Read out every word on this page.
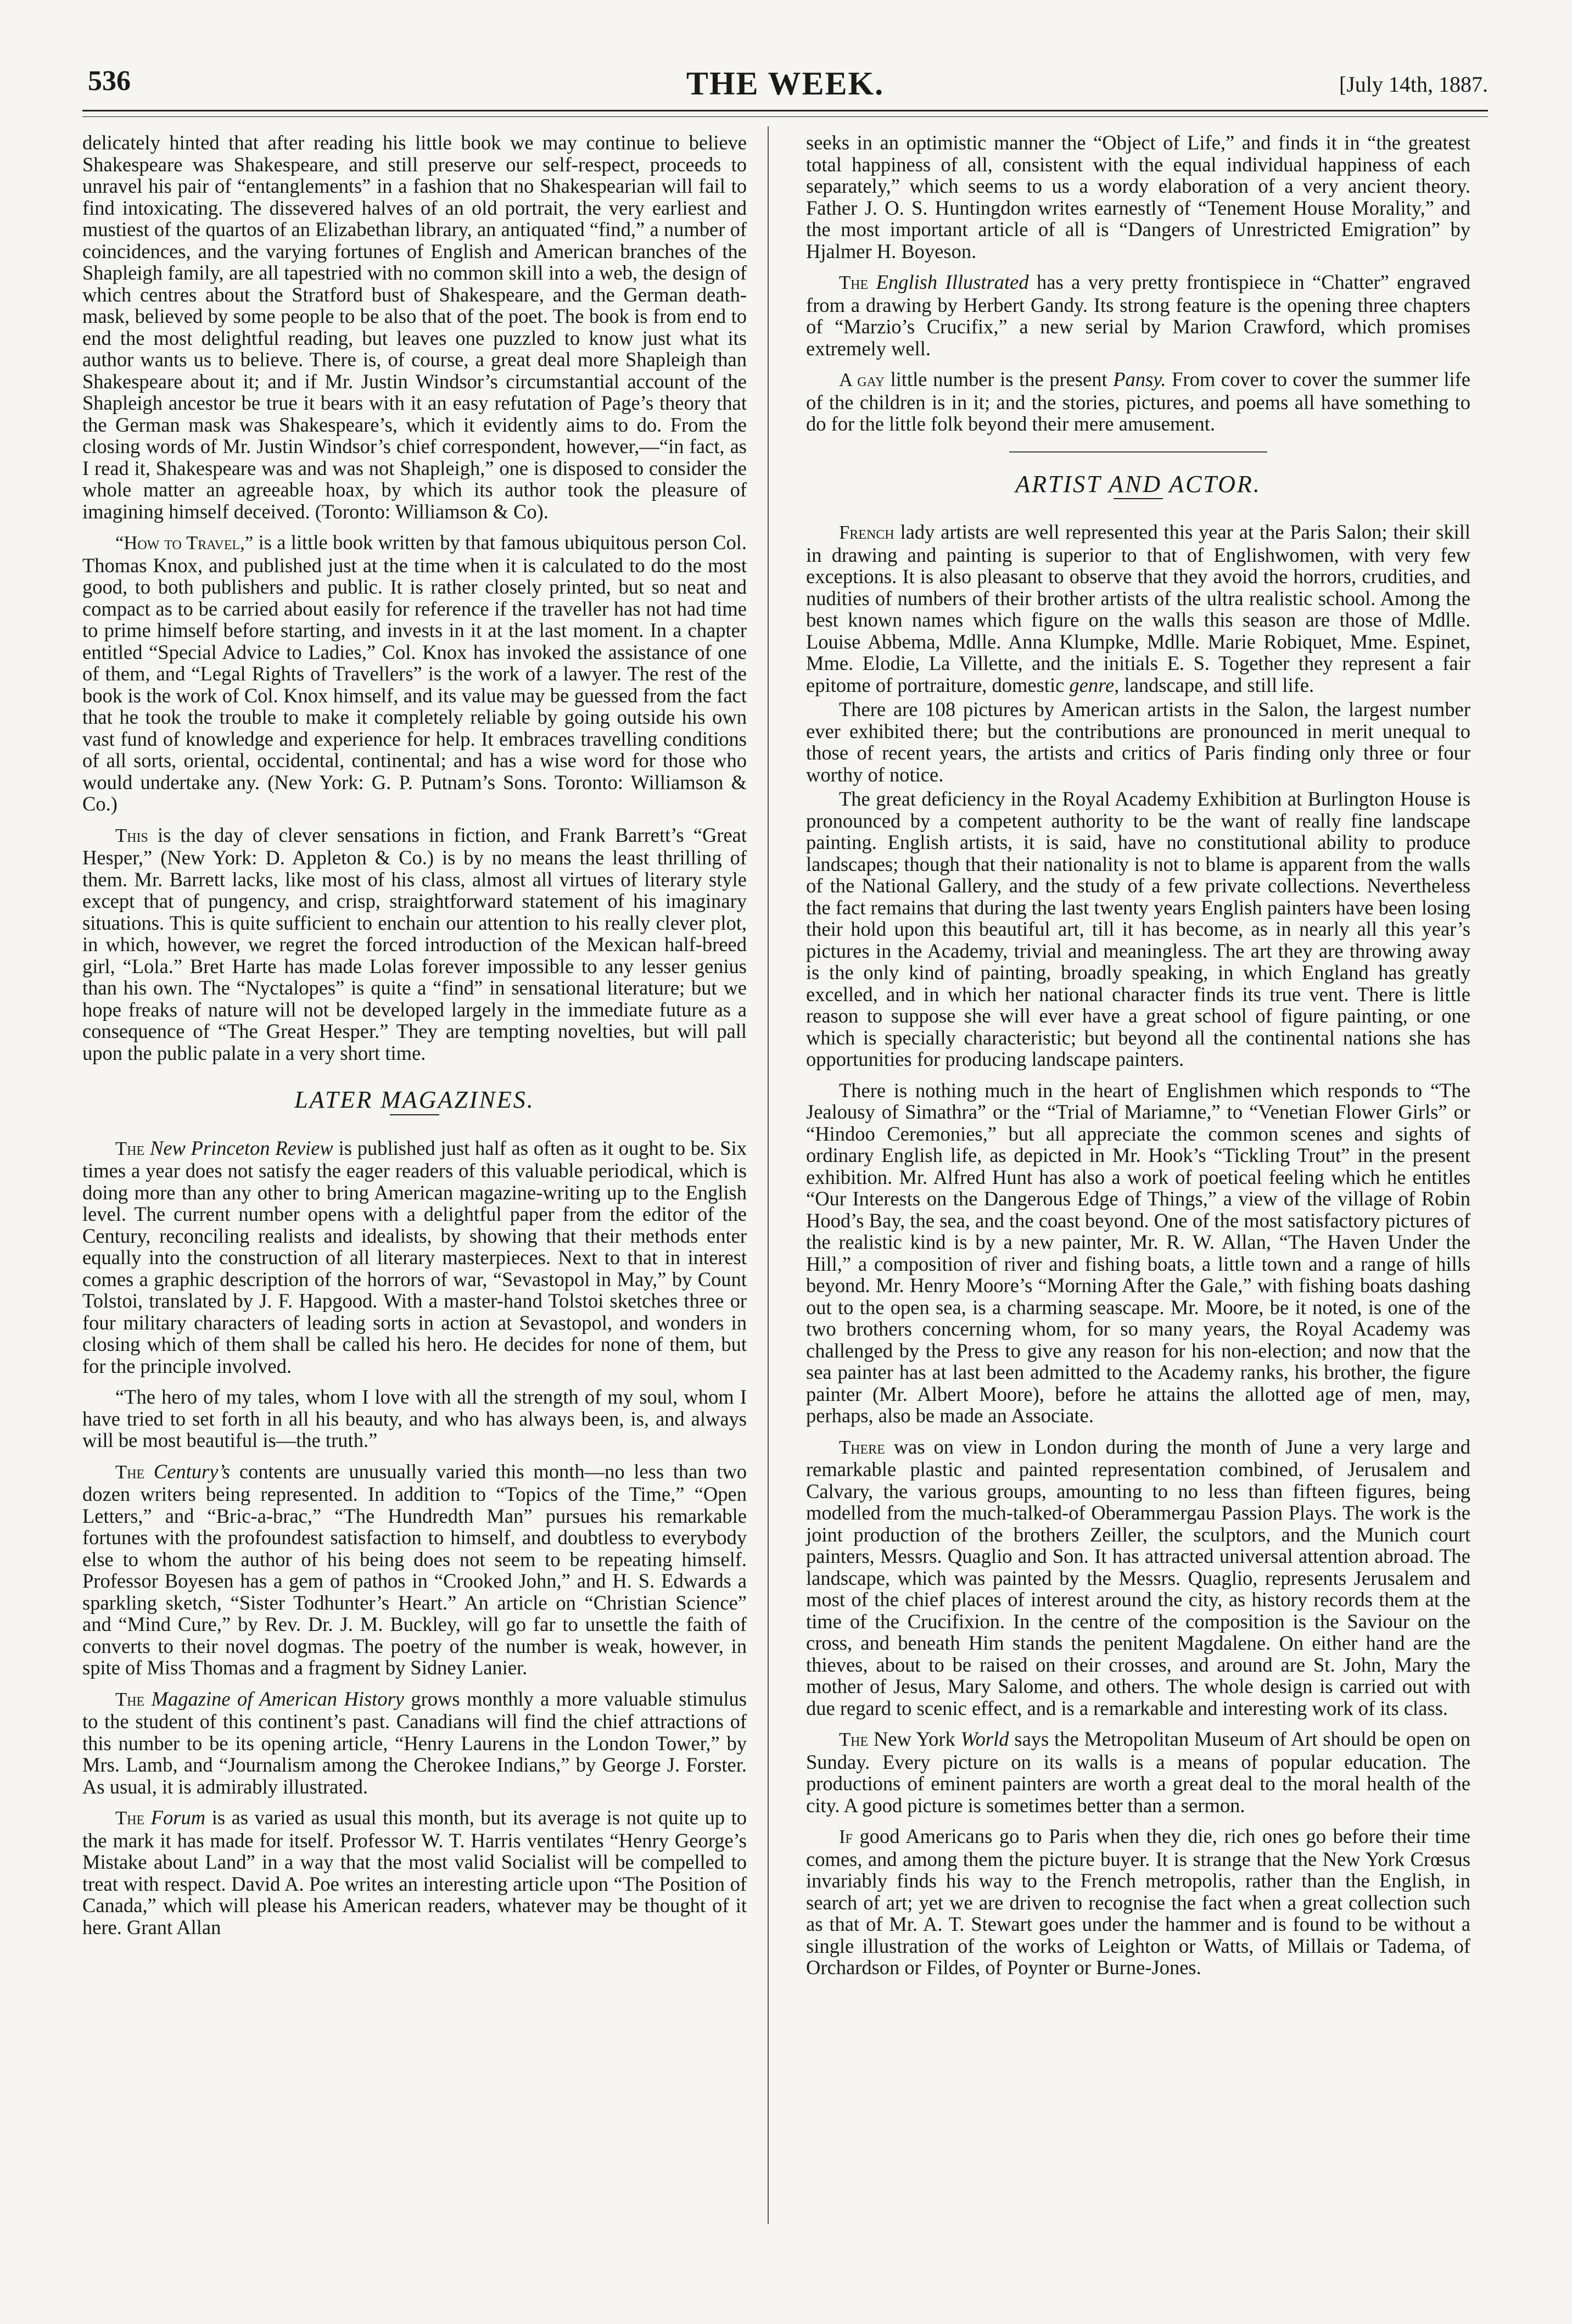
536	THE WEEK.	[July 14th, 1887.

delicately hinted that after reading his little book we may continue to believe Shakespeare was Shakespeare, and still preserve our self-respect, proceeds to unravel his pair of “entanglements” in a fashion that no Shakespearian will fail to find intoxicating. The dissevered halves of an old portrait, the very earliest and mustiest of the quartos of an Elizabethan library, an antiquated “find,” a number of coincidences, and the varying fortunes of English and American branches of the Shapleigh family, are all tapestried with no common skill into a web, the design of which centres about the Stratford bust of Shakespeare, and the German death-mask, believed by some people to be also that of the poet. The book is from end to end the most delightful reading, but leaves one puzzled to know just what its author wants us to believe. There is, of course, a great deal more Shapleigh than Shakespeare about it; and if Mr. Justin Windsor’s circumstantial account of the Shapleigh ancestor be true it bears with it an easy refutation of Page’s theory that the German mask was Shakespeare’s, which it evidently aims to do. From the closing words of Mr. Justin Windsor’s chief correspondent, however,—“in fact, as I read it, Shakespeare was and was not Shapleigh,” one is disposed to consider the whole matter an agreeable hoax, by which its author took the pleasure of imagining himself deceived. (Toronto: Williamson & Co).

“How to Travel,” is a little book written by that famous ubiquitous person Col. Thomas Knox, and published just at the time when it is calculated to do the most good, to both publishers and public. It is rather closely printed, but so neat and compact as to be carried about easily for reference if the traveller has not had time to prime himself before starting, and invests in it at the last moment. In a chapter entitled “Special Advice to Ladies,” Col. Knox has invoked the assistance of one of them, and “Legal Rights of Travellers” is the work of a lawyer. The rest of the book is the work of Col. Knox himself, and its value may be guessed from the fact that he took the trouble to make it completely reliable by going outside his own vast fund of knowledge and experience for help. It embraces travelling conditions of all sorts, oriental, occidental, continental; and has a wise word for those who would undertake any. (New York: G. P. Putnam’s Sons. Toronto: Williamson & Co.)

This is the day of clever sensations in fiction, and Frank Barrett’s “Great Hesper,” (New York: D. Appleton & Co.) is by no means the least thrilling of them. Mr. Barrett lacks, like most of his class, almost all virtues of literary style except that of pungency, and crisp, straightforward statement of his imaginary situations. This is quite sufficient to enchain our attention to his really clever plot, in which, however, we regret the forced introduction of the Mexican half-breed girl, “Lola.” Bret Harte has made Lolas forever impossible to any lesser genius than his own. The “Nyctalopes” is quite a “find” in sensational literature; but we hope freaks of nature will not be developed largely in the immediate future as a consequence of “The Great Hesper.” They are tempting novelties, but will pall upon the public palate in a very short time.

LATER MAGAZINES.

The New Princeton Review is published just half as often as it ought to be. Six times a year does not satisfy the eager readers of this valuable periodical, which is doing more than any other to bring American magazine-writing up to the English level. The current number opens with a delightful paper from the editor of the Century, reconciling realists and idealists, by showing that their methods enter equally into the construction of all literary masterpieces. Next to that in interest comes a graphic description of the horrors of war, “Sevastopol in May,” by Count Tolstoi, translated by J. F. Hapgood. With a master-hand Tolstoi sketches three or four military characters of leading sorts in action at Sevastopol, and wonders in closing which of them shall be called his hero. He decides for none of them, but for the principle involved.

“The hero of my tales, whom I love with all the strength of my soul, whom I have tried to set forth in all his beauty, and who has always been, is, and always will be most beautiful is—the truth.”

The Century’s contents are unusually varied this month—no less than two dozen writers being represented. In addition to “Topics of the Time,” “Open Letters,” and “Bric-a-brac,” “The Hundredth Man” pursues his remarkable fortunes with the profoundest satisfaction to himself, and doubtless to everybody else to whom the author of his being does not seem to be repeating himself. Professor Boyesen has a gem of pathos in “Crooked John,” and H. S. Edwards a sparkling sketch, “Sister Todhunter’s Heart.” An article on “Christian Science” and “Mind Cure,” by Rev. Dr. J. M. Buckley, will go far to unsettle the faith of converts to their novel dogmas. The poetry of the number is weak, however, in spite of Miss Thomas and a fragment by Sidney Lanier.

The Magazine of American History grows monthly a more valuable stimulus to the student of this continent’s past. Canadians will find the chief attractions of this number to be its opening article, “Henry Laurens in the London Tower,” by Mrs. Lamb, and “Journalism among the Cherokee Indians,” by George J. Forster. As usual, it is admirably illustrated.

The Forum is as varied as usual this month, but its average is not quite up to the mark it has made for itself. Professor W. T. Harris ventilates “Henry George’s Mistake about Land” in a way that the most valid Socialist will be compelled to treat with respect. David A. Poe writes an interesting article upon “The Position of Canada,” which will please his American readers, whatever may be thought of it here. Grant Allan

seeks in an optimistic manner the “Object of Life,” and finds it in “the greatest total happiness of all, consistent with the equal individual happiness of each separately,” which seems to us a wordy elaboration of a very ancient theory. Father J. O. S. Huntingdon writes earnestly of “Tenement House Morality,” and the most important article of all is “Dangers of Unrestricted Emigration” by Hjalmer H. Boyeson.

The English Illustrated has a very pretty frontispiece in “Chatter” engraved from a drawing by Herbert Gandy. Its strong feature is the opening three chapters of “Marzio’s Crucifix,” a new serial by Marion Crawford, which promises extremely well.

A gay little number is the present Pansy. From cover to cover the summer life of the children is in it; and the stories, pictures, and poems all have something to do for the little folk beyond their mere amusement.

ARTIST AND ACTOR.

French lady artists are well represented this year at the Paris Salon; their skill in drawing and painting is superior to that of Englishwomen, with very few exceptions. It is also pleasant to observe that they avoid the horrors, crudities, and nudities of numbers of their brother artists of the ultra realistic school. Among the best known names which figure on the walls this season are those of Mdlle. Louise Abbema, Mdlle. Anna Klumpke, Mdlle. Marie Robiquet, Mme. Espinet, Mme. Elodie, La Villette, and the initials E. S. Together they represent a fair epitome of portraiture, domestic genre, landscape, and still life.

There are 108 pictures by American artists in the Salon, the largest number ever exhibited there; but the contributions are pronounced in merit unequal to those of recent years, the artists and critics of Paris finding only three or four worthy of notice.

The great deficiency in the Royal Academy Exhibition at Burlington House is pronounced by a competent authority to be the want of really fine landscape painting. English artists, it is said, have no constitutional ability to produce landscapes; though that their nationality is not to blame is apparent from the walls of the National Gallery, and the study of a few private collections. Nevertheless the fact remains that during the last twenty years English painters have been losing their hold upon this beautiful art, till it has become, as in nearly all this year’s pictures in the Academy, trivial and meaningless. The art they are throwing away is the only kind of painting, broadly speaking, in which England has greatly excelled, and in which her national character finds its true vent. There is little reason to suppose she will ever have a great school of figure painting, or one which is specially characteristic; but beyond all the continental nations she has opportunities for producing landscape painters.

There is nothing much in the heart of Englishmen which responds to “The Jealousy of Simathra” or the “Trial of Mariamne,” to “Venetian Flower Girls” or “Hindoo Ceremonies,” but all appreciate the common scenes and sights of ordinary English life, as depicted in Mr. Hook’s “Tickling Trout” in the present exhibition. Mr. Alfred Hunt has also a work of poetical feeling which he entitles “Our Interests on the Dangerous Edge of Things,” a view of the village of Robin Hood’s Bay, the sea, and the coast beyond. One of the most satisfactory pictures of the realistic kind is by a new painter, Mr. R. W. Allan, “The Haven Under the Hill,” a composition of river and fishing boats, a little town and a range of hills beyond. Mr. Henry Moore’s “Morning After the Gale,” with fishing boats dashing out to the open sea, is a charming seascape. Mr. Moore, be it noted, is one of the two brothers concerning whom, for so many years, the Royal Academy was challenged by the Press to give any reason for his non-election; and now that the sea painter has at last been admitted to the Academy ranks, his brother, the figure painter (Mr. Albert Moore), before he attains the allotted age of men, may, perhaps, also be made an Associate.

There was on view in London during the month of June a very large and remarkable plastic and painted representation combined, of Jerusalem and Calvary, the various groups, amounting to no less than fifteen figures, being modelled from the much-talked-of Oberammergau Passion Plays. The work is the joint production of the brothers Zeiller, the sculptors, and the Munich court painters, Messrs. Quaglio and Son. It has attracted universal attention abroad. The landscape, which was painted by the Messrs. Quaglio, represents Jerusalem and most of the chief places of interest around the city, as history records them at the time of the Crucifixion. In the centre of the composition is the Saviour on the cross, and beneath Him stands the penitent Magdalene. On either hand are the thieves, about to be raised on their crosses, and around are St. John, Mary the mother of Jesus, Mary Salome, and others. The whole design is carried out with due regard to scenic effect, and is a remarkable and interesting work of its class.

The New York World says the Metropolitan Museum of Art should be open on Sunday. Every picture on its walls is a means of popular education. The productions of eminent painters are worth a great deal to the moral health of the city. A good picture is sometimes better than a sermon.

If good Americans go to Paris when they die, rich ones go before their time comes, and among them the picture buyer. It is strange that the New York Crœsus invariably finds his way to the French metropolis, rather than the English, in search of art; yet we are driven to recognise the fact when a great collection such as that of Mr. A. T. Stewart goes under the hammer and is found to be without a single illustration of the works of Leighton or Watts, of Millais or Tadema, of Orchardson or Fildes, of Poynter or Burne-Jones.
